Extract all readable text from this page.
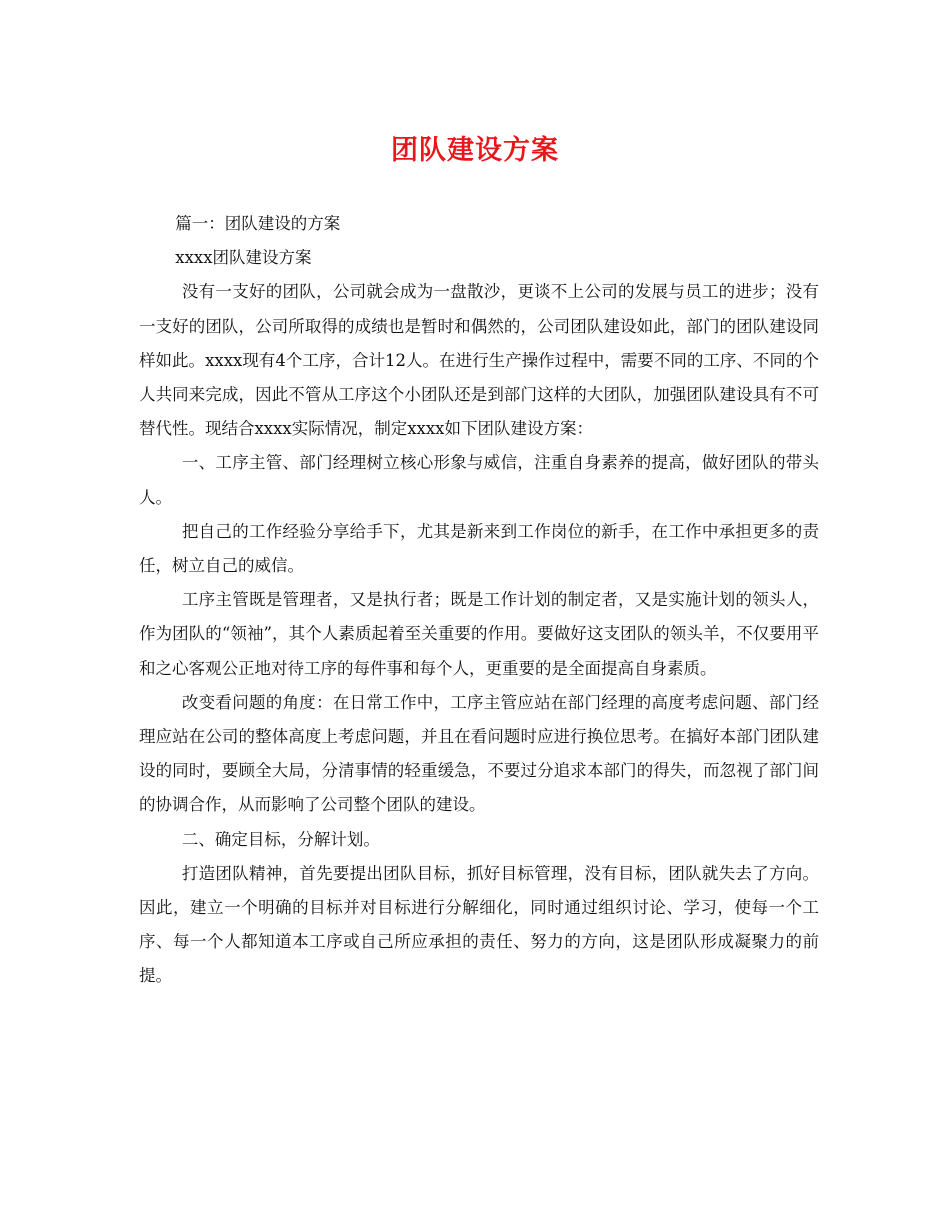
团队建设方案

篇一：团队建设的方案

xxxx团队建设方案

没有一支好的团队，公司就会成为一盘散沙，更谈不上公司的发展与员工的进步；没有一支好的团队，公司所取得的成绩也是暂时和偶然的，公司团队建设如此，部门的团队建设同样如此。xxxx现有4个工序，合计12人。在进行生产操作过程中，需要不同的工序、不同的个人共同来完成，因此不管从工序这个小团队还是到部门这样的大团队，加强团队建设具有不可替代性。现结合xxxx实际情况，制定xxxx如下团队建设方案：

一、工序主管、部门经理树立核心形象与威信，注重自身素养的提高，做好团队的带头人。

把自己的工作经验分享给手下，尤其是新来到工作岗位的新手，在工作中承担更多的责任，树立自己的威信。

工序主管既是管理者，又是执行者；既是工作计划的制定者，又是实施计划的领头人，作为团队的“领袖”，其个人素质起着至关重要的作用。要做好这支团队的领头羊，不仅要用平和之心客观公正地对待工序的每件事和每个人，更重要的是全面提高自身素质。

改变看问题的角度：在日常工作中，工序主管应站在部门经理的高度考虑问题、部门经理应站在公司的整体高度上考虑问题，并且在看问题时应进行换位思考。在搞好本部门团队建设的同时，要顾全大局，分清事情的轻重缓急，不要过分追求本部门的得失，而忽视了部门间的协调合作，从而影响了公司整个团队的建设。

二、确定目标，分解计划。

打造团队精神，首先要提出团队目标，抓好目标管理，没有目标，团队就失去了方向。因此，建立一个明确的目标并对目标进行分解细化，同时通过组织讨论、学习，使每一个工序、每一个人都知道本工序或自己所应承担的责任、努力的方向，这是团队形成凝聚力的前提。
